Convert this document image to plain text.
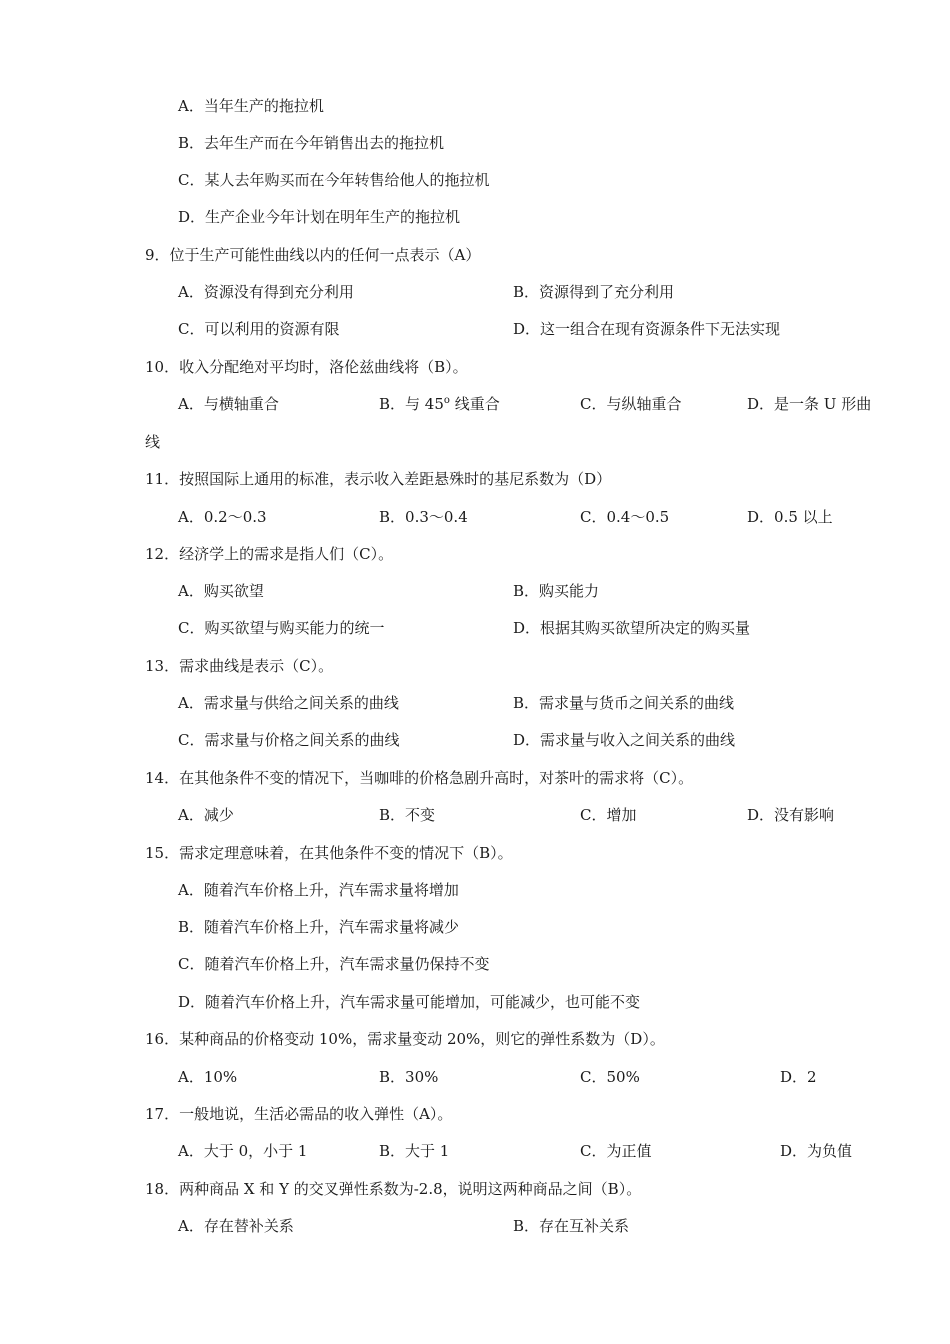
A．当年生产的拖拉机
B．去年生产而在今年销售出去的拖拉机
C．某人去年购买而在今年转售给他人的拖拉机
D．生产企业今年计划在明年生产的拖拉机
9．位于生产可能性曲线以内的任何一点表示（A）
A．资源没有得到充分利用	B．资源得到了充分利用
C．可以利用的资源有限	D．这一组合在现有资源条件下无法实现
10．收入分配绝对平均时，洛伦兹曲线将（B）。
A．与横轴重合	B．与 45$^o$ 线重合	C．与纵轴重合	D．是一条 U 形曲
线
11．按照国际上通用的标准，表示收入差距悬殊时的基尼系数为（D）
A．0.2～0.3	B．0.3～0.4	C．0.4～0.5	D．0.5 以上
12．经济学上的需求是指人们（C）。
A．购买欲望	B．购买能力
C．购买欲望与购买能力的统一	D．根据其购买欲望所决定的购买量
13．需求曲线是表示（C）。
A．需求量与供给之间关系的曲线	B．需求量与货币之间关系的曲线
C．需求量与价格之间关系的曲线	D．需求量与收入之间关系的曲线
14．在其他条件不变的情况下，当咖啡的价格急剧升高时，对茶叶的需求将（C）。
A．减少	B．不变	C．增加	D．没有影响
15．需求定理意味着，在其他条件不变的情况下（B）。
A．随着汽车价格上升，汽车需求量将增加
B．随着汽车价格上升，汽车需求量将减少
C．随着汽车价格上升，汽车需求量仍保持不变
D．随着汽车价格上升，汽车需求量可能增加，可能减少，也可能不变
16．某种商品的价格变动 10%，需求量变动 20%，则它的弹性系数为（D）。
A．10%	B．30%	C．50%	D．2
17．一般地说，生活必需品的收入弹性（A）。
A．大于 0，小于 1	B．大于 1	C．为正值	D．为负值
18．两种商品 X 和 Y 的交叉弹性系数为-2.8，说明这两种商品之间（B）。
A．存在替补关系	B．存在互补关系
